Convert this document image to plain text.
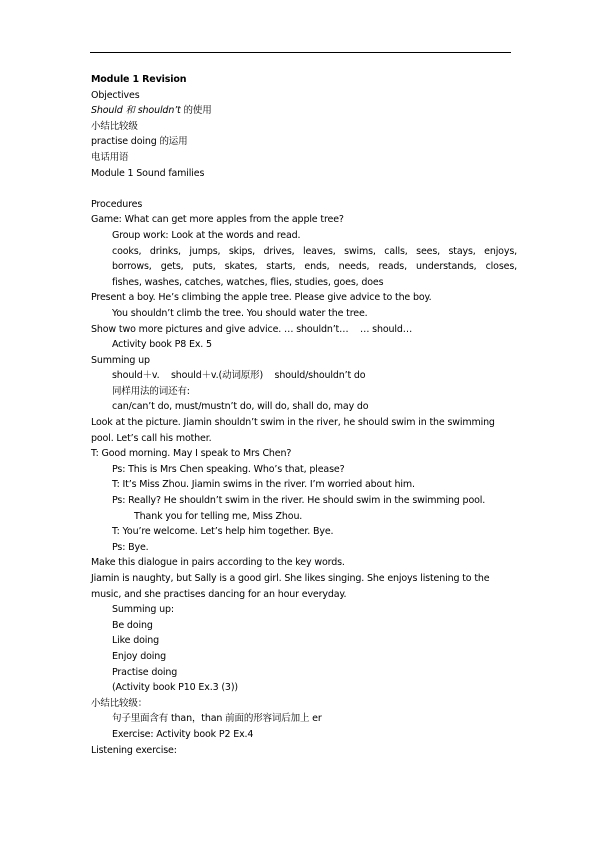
Module 1 Revision
Objectives
Should 和 shouldn’t 的使用
小结比较级
practise doing 的运用
电话用语
Module 1 Sound families
Procedures
Game: What can get more apples from the apple tree?
Group work: Look at the words and read.
cooks, drinks, jumps, skips, drives, leaves, swims, calls, sees, stays, enjoys,
borrows, gets, puts, skates, starts, ends, needs, reads, understands, closes,
fishes, washes, catches, watches, flies, studies, goes, does
Present a boy. He’s climbing the apple tree. Please give advice to the boy.
You shouldn’t climb the tree. You should water the tree.
Show two more pictures and give advice. … shouldn’t…    … should…
Activity book P8 Ex. 5
Summing up
should＋v.    should＋v.(动词原形)    should/shouldn’t do
同样用法的词还有:
can/can’t do, must/mustn’t do, will do, shall do, may do
Look at the picture. Jiamin shouldn’t swim in the river, he should swim in the swimming
pool. Let’s call his mother.
T: Good morning. May I speak to Mrs Chen?
Ps: This is Mrs Chen speaking. Who’s that, please?
T: It’s Miss Zhou. Jiamin swims in the river. I’m worried about him.
Ps: Really? He shouldn’t swim in the river. He should swim in the swimming pool.
Thank you for telling me, Miss Zhou.
T: You’re welcome. Let’s help him together. Bye.
Ps: Bye.
Make this dialogue in pairs according to the key words.
Jiamin is naughty, but Sally is a good girl. She likes singing. She enjoys listening to the
music, and she practises dancing for an hour everyday.
Summing up:
Be doing
Like doing
Enjoy doing
Practise doing
(Activity book P10 Ex.3 (3))
小结比较级：
句子里面含有 than，than 前面的形容词后加上 er
Exercise: Activity book P2 Ex.4
Listening exercise:
